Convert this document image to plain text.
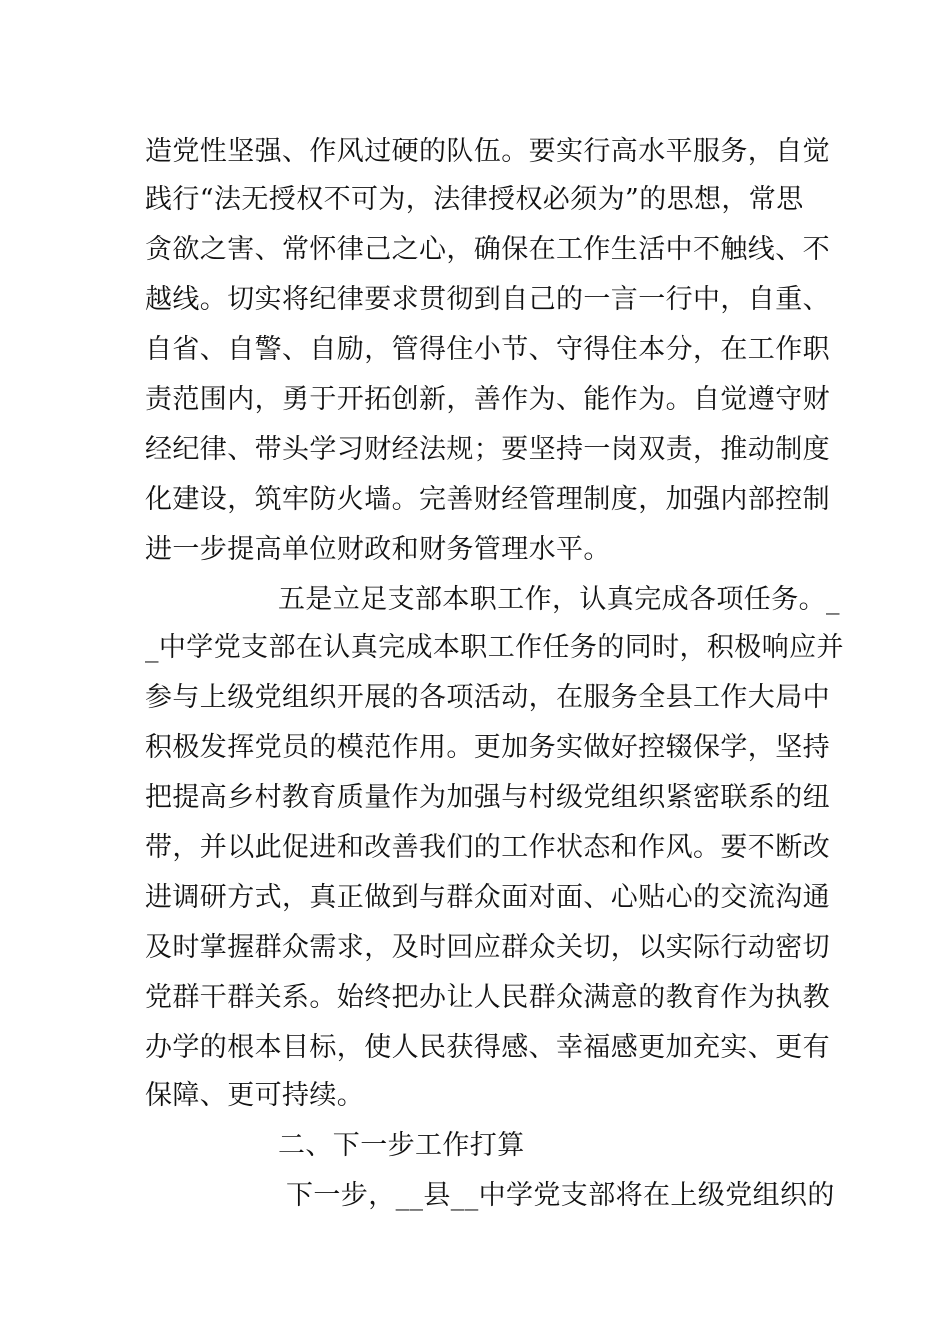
造党性坚强、作风过硬的队伍。要实行高水平服务，自觉
践行“法无授权不可为，法律授权必须为”的思想，常思
贪欲之害、常怀律己之心，确保在工作生活中不触线、不
越线。切实将纪律要求贯彻到自己的一言一行中，自重、
自省、自警、自励，管得住小节、守得住本分，在工作职
责范围内，勇于开拓创新，善作为、能作为。自觉遵守财
经纪律、带头学习财经法规；要坚持一岗双责，推动制度
化建设，筑牢防火墙。完善财经管理制度，加强内部控制
进一步提高单位财政和财务管理水平。
五是立足支部本职工作，认真完成各项任务。_
_中学党支部在认真完成本职工作任务的同时，积极响应并
参与上级党组织开展的各项活动，在服务全县工作大局中
积极发挥党员的模范作用。更加务实做好控辍保学，坚持
把提高乡村教育质量作为加强与村级党组织紧密联系的纽
带，并以此促进和改善我们的工作状态和作风。要不断改
进调研方式，真正做到与群众面对面、心贴心的交流沟通
及时掌握群众需求，及时回应群众关切，以实际行动密切
党群干群关系。始终把办让人民群众满意的教育作为执教
办学的根本目标，使人民获得感、幸福感更加充实、更有
保障、更可持续。
二、下一步工作打算
下一步，__县__中学党支部将在上级党组织的
